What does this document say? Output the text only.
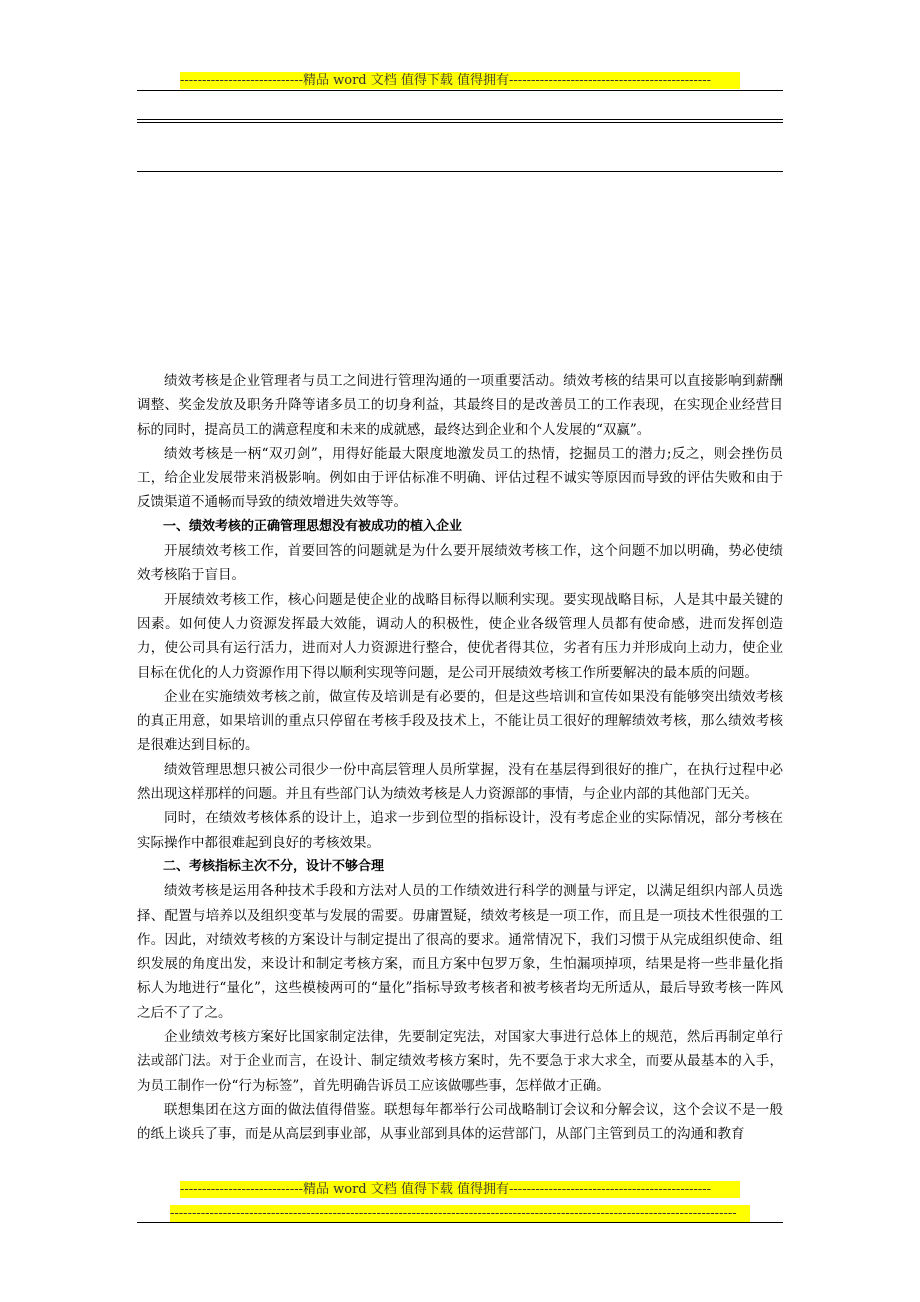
----------------------------精品 word 文档 值得下载 值得拥有----------------------------------------------

绩效考核是企业管理者与员工之间进行管理沟通的一项重要活动。绩效考核的结果可以直接影响到薪酬调整、奖金发放及职务升降等诸多员工的切身利益，其最终目的是改善员工的工作表现，在实现企业经营目标的同时，提高员工的满意程度和未来的成就感，最终达到企业和个人发展的“双赢”。

绩效考核是一柄“双刃剑”，用得好能最大限度地激发员工的热情，挖掘员工的潜力;反之，则会挫伤员工，给企业发展带来消极影响。例如由于评估标准不明确、评估过程不诚实等原因而导致的评估失败和由于反馈渠道不通畅而导致的绩效增进失效等等。

一、绩效考核的正确管理思想没有被成功的植入企业

开展绩效考核工作，首要回答的问题就是为什么要开展绩效考核工作，这个问题不加以明确，势必使绩效考核陷于盲目。

开展绩效考核工作，核心问题是使企业的战略目标得以顺利实现。要实现战略目标，人是其中最关键的因素。如何使人力资源发挥最大效能，调动人的积极性，使企业各级管理人员都有使命感，进而发挥创造力，使公司具有运行活力，进而对人力资源进行整合，使优者得其位，劣者有压力并形成向上动力，使企业目标在优化的人力资源作用下得以顺利实现等问题，是公司开展绩效考核工作所要解决的最本质的问题。

企业在实施绩效考核之前，做宣传及培训是有必要的，但是这些培训和宣传如果没有能够突出绩效考核的真正用意，如果培训的重点只停留在考核手段及技术上，不能让员工很好的理解绩效考核，那么绩效考核是很难达到目标的。

绩效管理思想只被公司很少一份中高层管理人员所掌握，没有在基层得到很好的推广，在执行过程中必然出现这样那样的问题。并且有些部门认为绩效考核是人力资源部的事情，与企业内部的其他部门无关。

同时，在绩效考核体系的设计上，追求一步到位型的指标设计，没有考虑企业的实际情况，部分考核在实际操作中都很难起到良好的考核效果。

二、考核指标主次不分，设计不够合理

绩效考核是运用各种技术手段和方法对人员的工作绩效进行科学的测量与评定，以满足组织内部人员选择、配置与培养以及组织变革与发展的需要。毋庸置疑，绩效考核是一项工作，而且是一项技术性很强的工作。因此，对绩效考核的方案设计与制定提出了很高的要求。通常情况下，我们习惯于从完成组织使命、组织发展的角度出发，来设计和制定考核方案，而且方案中包罗万象，生怕漏项掉项，结果是将一些非量化指标人为地进行“量化”，这些模棱两可的“量化”指标导致考核者和被考核者均无所适从，最后导致考核一阵风之后不了了之。

企业绩效考核方案好比国家制定法律，先要制定宪法，对国家大事进行总体上的规范，然后再制定单行法或部门法。对于企业而言，在设计、制定绩效考核方案时，先不要急于求大求全，而要从最基本的入手，为员工制作一份“行为标签”，首先明确告诉员工应该做哪些事，怎样做才正确。

联想集团在这方面的做法值得借鉴。联想每年都举行公司战略制订会议和分解会议，这个会议不是一般的纸上谈兵了事，而是从高层到事业部，从事业部到具体的运营部门，从部门主管到员工的沟通和教育

----------------------------精品 word 文档 值得下载 值得拥有----------------------------------------------
---------------------------------------------------------------------------------------------------------------------------------
